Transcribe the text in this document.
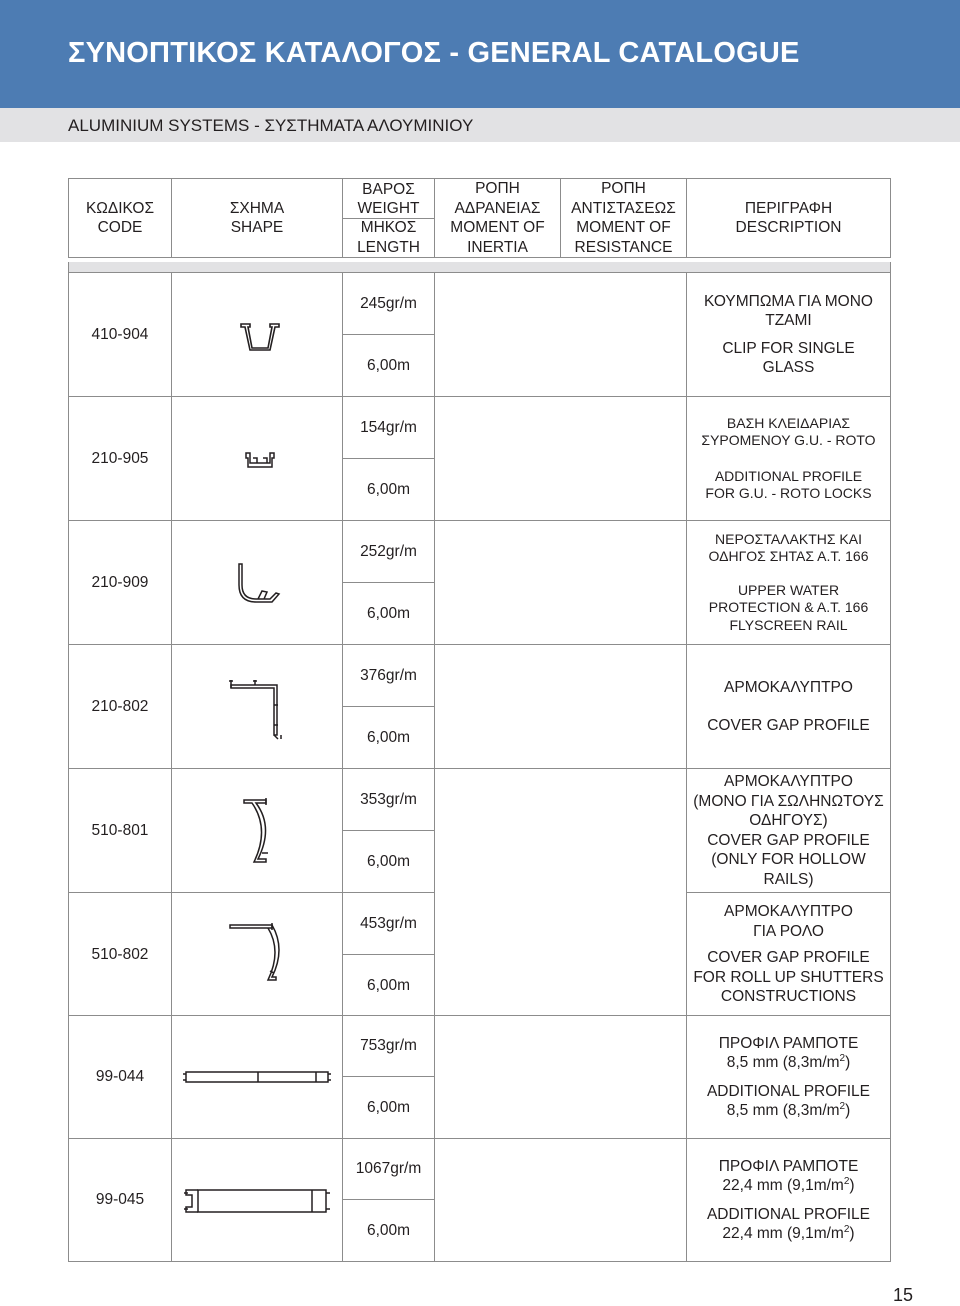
ΣΥΝΟΠΤΙΚΟΣ ΚΑΤΑΛΟΓΟΣ - GENERAL CATALOGUE
ALUMINIUM SYSTEMS - ΣΥΣΤΗΜΑΤΑ ΑΛΟΥΜΙΝΙΟΥ
ΚΩΔΙΚΟΣ
CODE
ΣΧΗΜΑ
SHAPE
ΒΑΡΟΣ
WEIGHT
ΜΗΚΟΣ
LENGTH
ΡΟΠΗ
ΑΔΡΑΝΕΙΑΣ
MOMENT OF
INERTIA
ΡΟΠΗ
ΑΝΤΙΣΤΑΣΕΩΣ
MOMENT OF
RESISTANCE
ΠΕΡΙΓΡΑΦΗ
DESCRIPTION
410-904
245gr/m
6,00m
ΚΟΥΜΠΩΜΑ ΓΙΑ ΜΟΝΟ
ΤΖΑΜΙ
CLIP FOR SINGLE
GLASS
210-905
154gr/m
6,00m
ΒΑΣΗ ΚΛΕΙΔΑΡΙΑΣ
ΣΥΡΟΜΕΝΟΥ G.U. - ROTO
ADDITIONAL PROFILE
FOR G.U. - ROTO LOCKS
210-909
252gr/m
6,00m
ΝΕΡΟΣΤΑΛΑΚΤΗΣ ΚΑΙ
ΟΔΗΓΟΣ ΣΗΤΑΣ Α.Τ. 166
UPPER WATER
PROTECTION & A.T. 166
FLYSCREEN RAIL
210-802
376gr/m
6,00m
ΑΡΜΟΚΑΛΥΠΤΡΟ
COVER GAP PROFILE
510-801
353gr/m
6,00m
ΑΡΜΟΚΑΛΥΠΤΡΟ
(ΜΟΝΟ ΓΙΑ ΣΩΛΗΝΩΤΟΥΣ
ΟΔΗΓΟΥΣ)
COVER GAP PROFILE
(ONLY FOR HOLLOW
RAILS)
510-802
453gr/m
6,00m
ΑΡΜΟΚΑΛΥΠΤΡΟ
ΓΙΑ ΡΟΛΟ
COVER GAP PROFILE
FOR ROLL UP SHUTTERS
CONSTRUCTIONS
99-044
753gr/m
6,00m
ΠΡΟΦΙΛ ΡΑΜΠΟΤΕ
8,5 mm $(8,3m/m^2)$
ADDITIONAL PROFILE
8,5 mm $(8,3m/m^2)$
99-045
1067gr/m
6,00m
ΠΡΟΦΙΛ ΡΑΜΠΟΤΕ
22,4 mm $(9,1m/m^2)$
ADDITIONAL PROFILE
22,4 mm $(9,1m/m^2)$
15
